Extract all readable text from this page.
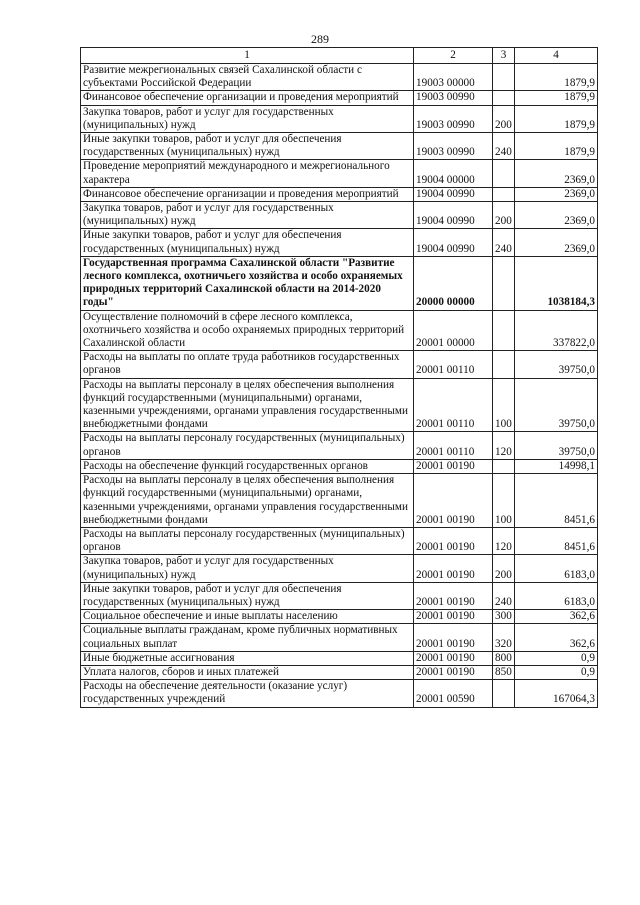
289
1	2	3	4
Развитие межрегиональных связей Сахалинской области с субъектами Российской Федерации	19003 00000		1879,9
Финансовое обеспечение организации и проведения мероприятий	19003 00990		1879,9
Закупка товаров, работ и услуг для государственных (муниципальных) нужд	19003 00990	200	1879,9
Иные закупки товаров, работ и услуг для обеспечения государственных (муниципальных) нужд	19003 00990	240	1879,9
Проведение мероприятий международного и межрегионального характера	19004 00000		2369,0
Финансовое обеспечение организации и проведения мероприятий	19004 00990		2369,0
Закупка товаров, работ и услуг для государственных (муниципальных) нужд	19004 00990	200	2369,0
Иные закупки товаров, работ и услуг для обеспечения государственных (муниципальных) нужд	19004 00990	240	2369,0
Государственная программа Сахалинской области "Развитие лесного комплекса, охотничьего хозяйства и особо охраняемых природных территорий Сахалинской области на 2014-2020 годы"	20000 00000		1038184,3
Осуществление полномочий в сфере лесного комплекса, охотничьего хозяйства и особо охраняемых природных территорий Сахалинской области	20001 00000		337822,0
Расходы на выплаты по оплате труда работников государственных органов	20001 00110		39750,0
Расходы на выплаты персоналу в целях обеспечения выполнения функций государственными (муниципальными) органами, казенными учреждениями, органами управления государственными внебюджетными фондами	20001 00110	100	39750,0
Расходы на выплаты персоналу государственных (муниципальных) органов	20001 00110	120	39750,0
Расходы на обеспечение функций государственных органов	20001 00190		14998,1
Расходы на выплаты персоналу в целях обеспечения выполнения функций государственными (муниципальными) органами, казенными учреждениями, органами управления государственными внебюджетными фондами	20001 00190	100	8451,6
Расходы на выплаты персоналу государственных (муниципальных) органов	20001 00190	120	8451,6
Закупка товаров, работ и услуг для государственных (муниципальных) нужд	20001 00190	200	6183,0
Иные закупки товаров, работ и услуг для обеспечения государственных (муниципальных) нужд	20001 00190	240	6183,0
Социальное обеспечение и иные выплаты населению	20001 00190	300	362,6
Социальные выплаты гражданам, кроме публичных нормативных социальных выплат	20001 00190	320	362,6
Иные бюджетные ассигнования	20001 00190	800	0,9
Уплата налогов, сборов и иных платежей	20001 00190	850	0,9
Расходы на обеспечение деятельности (оказание услуг) государственных учреждений	20001 00590		167064,3
